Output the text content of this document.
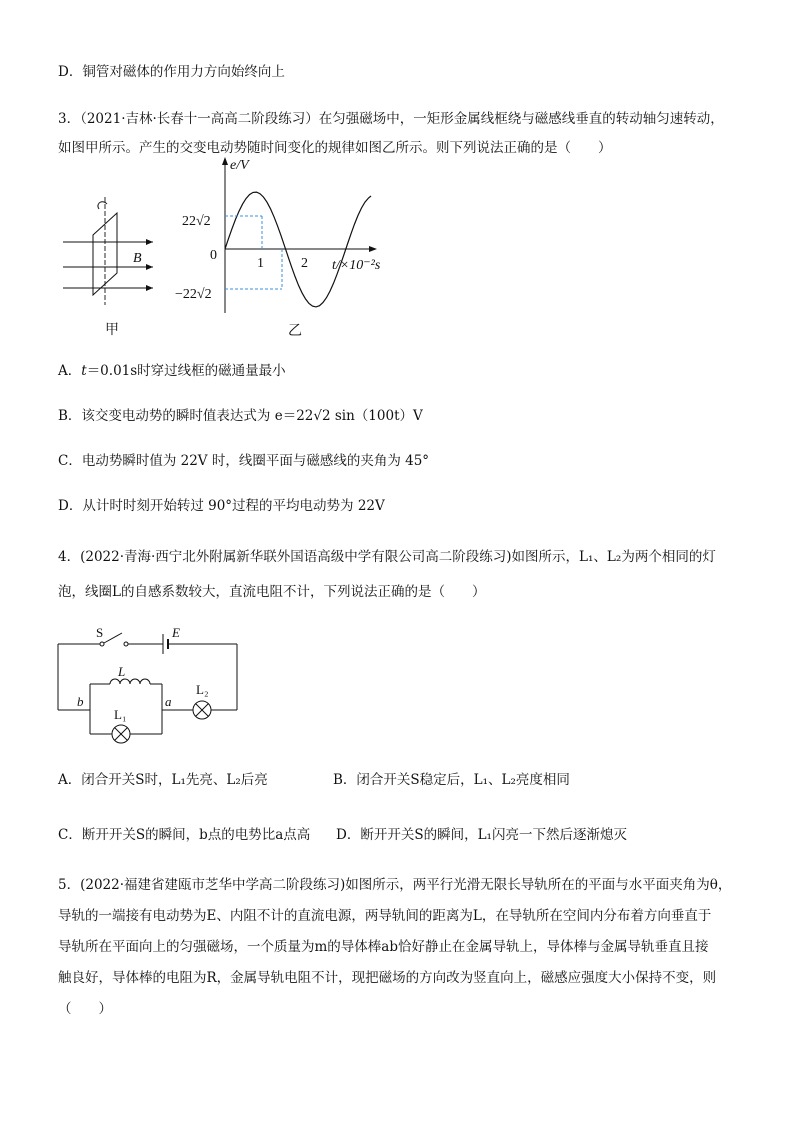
D．铜管对磁体的作用力方向始终向上
3．（2021·吉林·长春十一高高二阶段练习）在匀强磁场中，一矩形金属线框绕与磁感线垂直的转动轴匀速转动，
如图甲所示。产生的交变电动势随时间变化的规律如图乙所示。则下列说法正确的是（　　）
B
甲
e/V
22√2
0
−22√2
1	2 t/×10⁻²s
乙
A．t＝0.01s时穿过线框的磁通量最小
B．该交变电动势的瞬时值表达式为 e＝22√2 sin（100t）V
C．电动势瞬时值为 22V 时，线圈平面与磁感线的夹角为 45°
D．从计时时刻开始转过 90°过程的平均电动势为 22V
4．(2022·青海·西宁北外附属新华联外国语高级中学有限公司高二阶段练习)如图所示，L₁、L₂为两个相同的灯
泡，线圈L的自感系数较大，直流电阻不计，下列说法正确的是（　　）
S	E
L
b	a
L₁
L₂
A．闭合开关S时，L₁先亮、L₂后亮	B．闭合开关S稳定后，L₁、L₂亮度相同
C．断开开关S的瞬间，b点的电势比a点高 D．断开开关S的瞬间，L₁闪亮一下然后逐渐熄灭
5．(2022·福建省建瓯市芝华中学高二阶段练习)如图所示，两平行光滑无限长导轨所在的平面与水平面夹角为θ，
导轨的一端接有电动势为E、内阻不计的直流电源，两导轨间的距离为L，在导轨所在空间内分布着方向垂直于
导轨所在平面向上的匀强磁场，一个质量为m的导体棒ab恰好静止在金属导轨上，导体棒与金属导轨垂直且接
触良好，导体棒的电阻为R，金属导轨电阻不计，现把磁场的方向改为竖直向上，磁感应强度大小保持不变，则
（　　）
